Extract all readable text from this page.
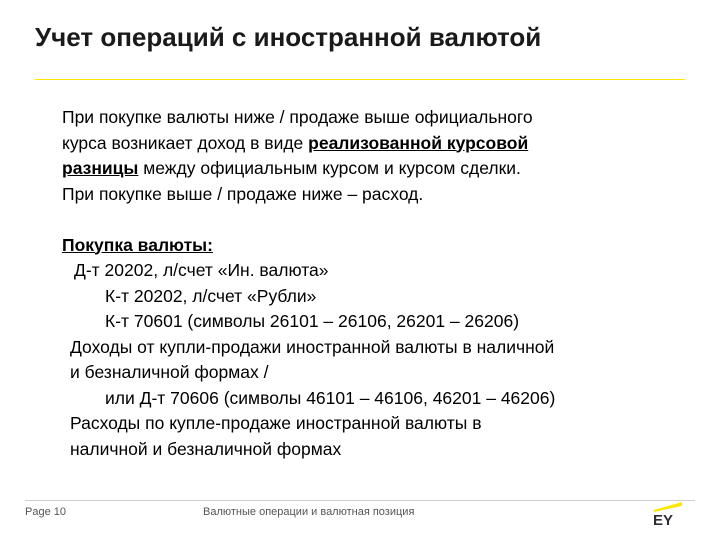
Учет операций с иностранной валютой
При покупке валюты ниже / продаже выше официального
курса возникает доход в виде реализованной курсовой
разницы между официальным курсом и курсом сделки.
При покупке выше / продаже ниже – расход.
Покупка валюты:
Д-т 20202, л/счет «Ин. валюта»
К-т 20202, л/счет «Рубли»
К-т 70601 (символы 26101 – 26106, 26201 – 26206)
Доходы от купли-продажи иностранной валюты в наличной
и безналичной формах /
или Д-т 70606 (символы 46101 – 46106, 46201 – 46206)
Расходы по купле-продаже иностранной валюты в
наличной и безналичной формах
Page 10	Валютные операции и валютная позиция	EY
